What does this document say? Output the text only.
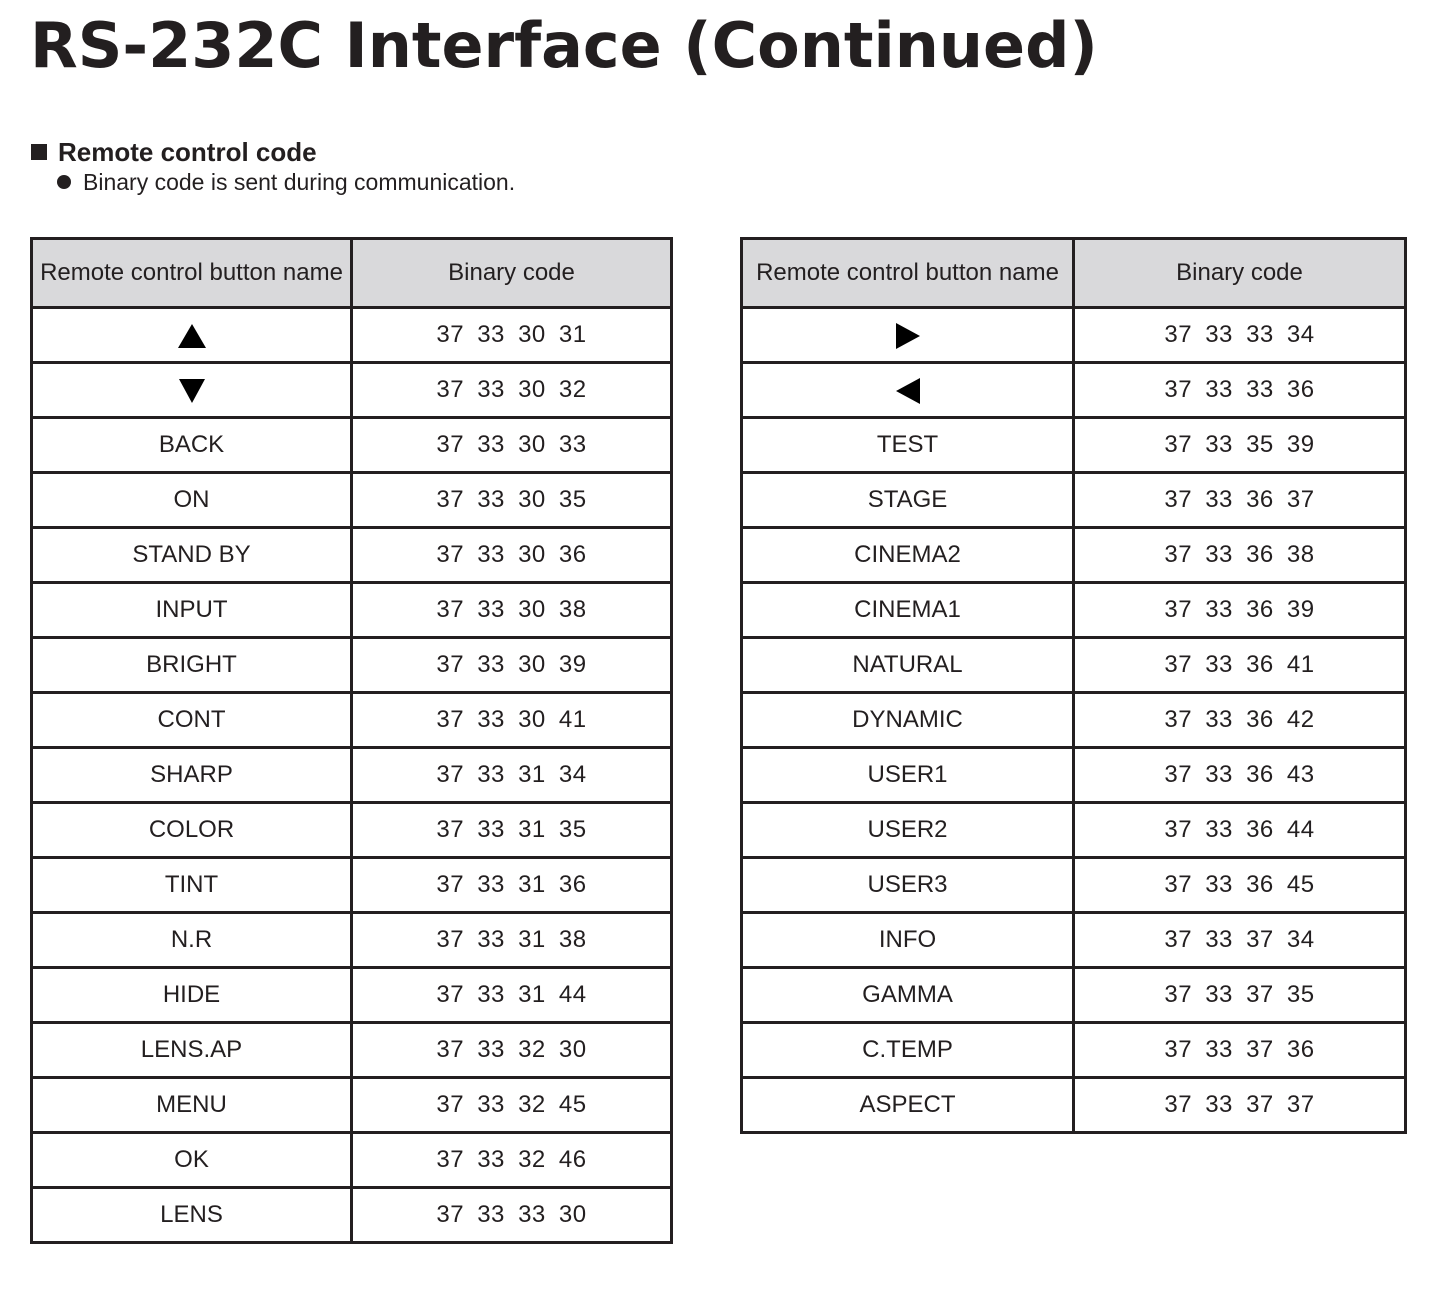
RS-232C Interface (Continued)
Remote control code
Binary code is sent during communication.
Remote control button name	Binary code
	37 33 30 31
	37 33 30 32
BACK	37 33 30 33
ON	37 33 30 35
STAND BY	37 33 30 36
INPUT	37 33 30 38
BRIGHT	37 33 30 39
CONT	37 33 30 41
SHARP	37 33 31 34
COLOR	37 33 31 35
TINT	37 33 31 36
N.R	37 33 31 38
HIDE	37 33 31 44
LENS.AP	37 33 32 30
MENU	37 33 32 45
OK	37 33 32 46
LENS	37 33 33 30
Remote control button name	Binary code
	37 33 33 34
	37 33 33 36
TEST	37 33 35 39
STAGE	37 33 36 37
CINEMA2	37 33 36 38
CINEMA1	37 33 36 39
NATURAL	37 33 36 41
DYNAMIC	37 33 36 42
USER1	37 33 36 43
USER2	37 33 36 44
USER3	37 33 36 45
INFO	37 33 37 34
GAMMA	37 33 37 35
C.TEMP	37 33 37 36
ASPECT	37 33 37 37
